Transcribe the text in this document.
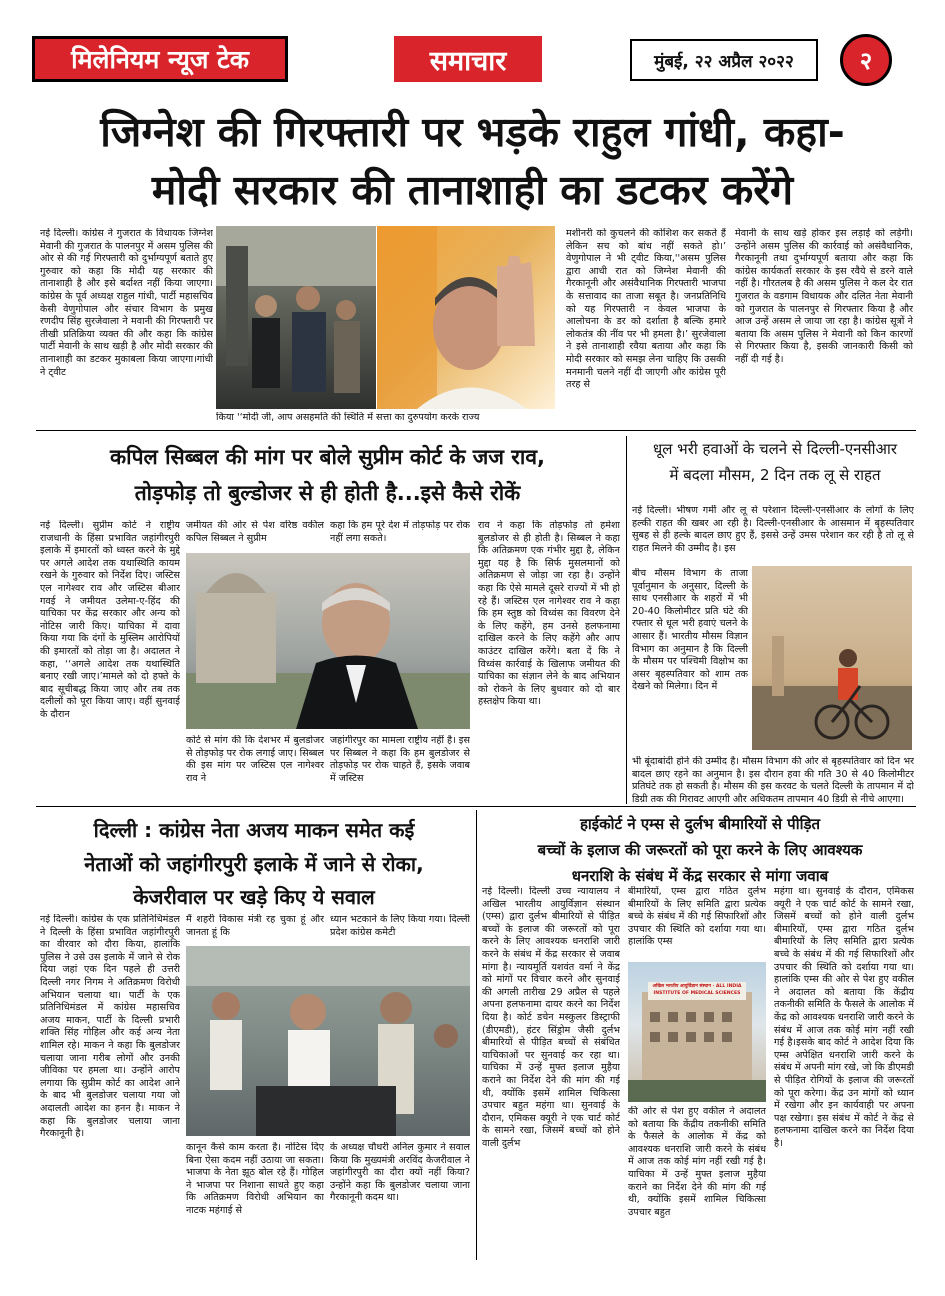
मिलेनियम न्यूज टेक	समाचार	मुंबई, २२ अप्रैल २०२२	२
जिग्नेश की गिरफ्तारी पर भड़के राहुल गांधी, कहा-
मोदी सरकार की तानाशाही का डटकर करेंगे
नई दिल्ली। कांग्रेस ने गुजरात के विधायक जिग्नेश मेवानी की गुजरात के पालनपुर में असम पुलिस की ओर से की गई गिरफ्तारी को दुर्भाग्यपूर्ण बताते हुए गुरुवार को कहा कि मोदी यह सरकार की तानाशाही है और इसे बर्दाश्त नहीं किया जाएगा। कांग्रेस के पूर्व अध्यक्ष राहुल गांधी, पार्टी महासचिव केसी वेणुगोपाल और संचार विभाग के प्रमुख रणदीप सिंह सुरजेवाला ने मवानी की गिरफ्तारी पर तीखी प्रतिक्रिया व्यक्त की और कहा कि कांग्रेस पार्टी मेवानी के साथ खड़ी है और मोदी सरकार की तानाशाही का डटकर मुकाबला किया जाएगा।गांधी ने ट्वीट
किया '‘मोदी जी, आप असहमति की स्थिति में सत्ता का दुरुपयोग करके राज्य
मशीनरी को कुचलने की कोशिश कर सकते हैं लेकिन सच को बांध नहीं सकते हो।’ वेणुगोपाल ने भी ट्वीट किया,''असम पुलिस द्वारा आधी रात को जिग्नेश मेवानी की गैरकानूनी और असंवैधानिक गिरफ्तारी भाजपा के सत्तावाद का ताजा सबूत है। जनप्रतिनिधि को यह गिरफ्तारी न केवल भाजपा के आलोचना के डर को दर्शाता है बल्कि हमारे लोकतंत्र की नींव पर भी हमला है।’ सुरजेवाला ने इसे तानाशाही रवैया बताया और कहा कि मोदी सरकार को समझ लेना चाहिए कि उसकी मनमानी चलने नहीं दी जाएगी और कांग्रेस पूरी तरह से
मेवानी के साथ खड़े होकर इस लड़ाई को लड़ेगी। उन्होंने असम पुलिस की कार्रवाई को असंवैधानिक, गैरकानूनी तथा दुर्भाग्यपूर्ण बताया और कहा कि कांग्रेस कार्यकर्ता सरकार के इस रवैये से डरने वाले नहीं है। गौरतलब है की असम पुलिस ने कल देर रात गुजरात के वडगाम विधायक और दलित नेता मेवानी को गुजरात के पालनपुर से गिरफ्तार किया है और आज उन्हें असम ले जाया जा रहा है। कांग्रेस सूत्रों ने बताया कि असम पुलिस ने मेवानी को किन कारणों से गिरफ्तार किया है, इसकी जानकारी किसी को नहीं दी गई है।
कपिल सिब्बल की मांग पर बोले सुप्रीम कोर्ट के जज राव,
तोड़फोड़ तो बुल्डोजर से ही होती है...इसे कैसे रोकें
नई दिल्ली। सुप्रीम कोर्ट ने राष्ट्रीय राजधानी के हिंसा प्रभावित जहांगीरपुरी इलाके में इमारतों को ध्वस्त करने के मुद्दे पर अगले आदेश तक यथास्थिति कायम रखने के गुरुवार को निर्देश दिए। जस्टिस एल नागेश्वर राव और जस्टिस बीआर गवई ने जमीयत उलेमा-ए-हिंद की याचिका पर केंद्र सरकार और अन्य को नोटिस जारी किए। याचिका में दावा किया गया कि दंगों के मुस्लिम आरोपियों की इमारतों को तोड़ा जा है। अदालत ने कहा, ‘‘अगले आदेश तक यथास्थिति बनाए रखी जाए।’मामले को दो हफ्ते के बाद सूचीबद्ध किया जाए और तब तक दलीलों को पूरा किया जाए। वहीं सुनवाई के दौरान
जमीयत की ओर से पेश वरिष्ठ वकील कपिल सिब्बल ने सुप्रीम
कहा कि हम पूरे देश में तोड़फोड़ पर रोक नहीं लगा सकते।
कोर्ट से मांग की कि देशभर में बुलडोजर से तोड़फोड़ पर रोक लगाई जाए। सिब्बल की इस मांग पर जस्टिस एल नागेश्वर राव ने
जहांगीरपुर का मामला राष्ट्रीय नहीं है। इस पर सिब्बल ने कहा कि हम बुलडोजर से तोड़फोड़ पर रोक चाहते हैं, इसके जवाब में जस्टिस
राव ने कहा कि तोड़फोड़ तो हमेशा बुलडोजर से ही होती है। सिब्बल ने कहा कि अतिक्रमण एक गंभीर मुद्दा है, लेकिन मुद्दा यह है कि सिर्फ मुसलमानों को अतिक्रमण से जोड़ा जा रहा है। उन्होंने कहा कि ऐसे मामले दूसरे राज्यों में भी हो रहे हैं। जस्टिस एल नागेश्वर राव ने कहा कि हम स्तुष्ठ को विध्वंस का विवरण देने के लिए कहेंगे, हम उनसे हलफनामा दाखिल करने के लिए कहेंगे और आप काउंटर दाखिल करेंगे। बता दें कि ने विध्वंस कार्रवाई के खिलाफ जमीयत की याचिका का संज्ञान लेने के बाद अभियान को रोकने के लिए बुधवार को दो बार हस्तक्षेप किया था।
धूल भरी हवाओं के चलने से दिल्ली-एनसीआर
में बदला मौसम, 2 दिन तक लू से राहत
नई दिल्ली। भीषण गर्मी और लू से परेशान दिल्ली-एनसीआर के लोगों के लिए हल्की राहत की खबर आ रही है। दिल्ली-एनसीआर के आसमान में बृहस्पतिवार सुबह से ही हल्के बादल छाए हुए हैं, इससे उन्हें उमस परेशान कर रही है तो लू से राहत मिलने की उम्मीद है। इस
बीच मौसम विभाग के ताजा पूर्वानुमान के अनुसार, दिल्ली के साथ एनसीआर के शहरों में भी 20-40 किलोमीटर प्रति घंटे की रफ्तार से धूल भरी हवाएं चलने के आसार हैं। भारतीय मौसम विज्ञान विभाग का अनुमान है कि दिल्ली के मौसम पर पश्चिमी विक्षोभ का असर बृहस्पतिवार को शाम तक देखने को मिलेगा। दिन में
भी बूंदाबांदी होने की उम्मीद है। मौसम विभाग की ओर से बृहस्पतिवार को दिन भर बादल छाए रहने का अनुमान है। इस दौरान हवा की गति 30 से 40 किलोमीटर प्रतिघंटे तक हो सकती है। मौसम की इस करवट के चलते दिल्ली के तापमान में दो डिग्री तक की गिरावट आएगी और अधिकतम तापमान 40 डिग्री से नीचे आएगा।
दिल्ली : कांग्रेस नेता अजय माकन समेत कई
नेताओं को जहांगीरपुरी इलाके में जाने से रोका,
केजरीवाल पर खड़े किए ये सवाल
नई दिल्ली। कांग्रेस के एक प्रतिनिधिमंडल ने दिल्ली के हिंसा प्रभावित जहांगीरपुरी का वीरवार को दौरा किया, हालांकि पुलिस ने उसे उस इलाके में जाने से रोक दिया जहां एक दिन पहले ही उत्तरी दिल्ली नगर निगम ने अतिक्रमण विरोधी अभियान चलाया था। पार्टी के एक प्रतिनिधिमंडल में कांग्रेस महासचिव अजय माकन, पार्टी के दिल्ली प्रभारी शक्ति सिंह गोहिल और कई अन्य नेता शामिल रहे। माकन ने कहा कि बुलडोजर चलाया जाना गरीब लोगों और उनकी जीविका पर हमला था। उन्होंने आरोप लगाया कि सुप्रीम कोर्ट का आदेश आने के बाद भी बुलडोजर चलाया गया जो अदालती आदेश का हनन है। माकन ने कहा कि बुलडोजर चलाया जाना गैरकानूनी है।
मैं शहरी विकास मंत्री रह चुका हूं और जानता हूं कि
ध्यान भटकाने के लिए किया गया। दिल्ली प्रदेश कांग्रेस कमेटी
कानून कैसे काम करता है। नोटिस दिए बिना ऐसा कदम नहीं उठाया जा सकता। भाजपा के नेता झूठ बोल रहे हैं। गोहिल ने भाजपा पर निशाना साधते हुए कहा कि अतिक्रमण विरोधी अभियान का नाटक महंगाई से
के अध्यक्ष चौधरी अनिल कुमार ने सवाल किया कि मुख्यमंत्री अरविंद केजरीवाल ने जहांगीरपुरी का दौरा क्यों नहीं किया? उन्होंने कहा कि बुलडोजर चलाया जाना गैरकानूनी कदम था।
हाईकोर्ट ने एम्स से दुर्लभ बीमारियों से पीड़ित
बच्चों के इलाज की जरूरतों को पूरा करने के लिए आवश्यक
धनराशि के संबंध में केंद्र सरकार से मांगा जवाब
नई दिल्ली। दिल्ली उच्च न्यायालय ने अखिल भारतीय आयुर्विज्ञान संस्थान (एम्स) द्वारा दुर्लभ बीमारियों से पीड़ित बच्चों के इलाज की जरूरतों को पूरा करने के लिए आवश्यक धनराशि जारी करने के संबंध में केंद्र सरकार से जवाब मांगा है। न्यायमूर्ति यशवंत वर्मा ने केंद्र को मांगों पर विचार करने और सुनवाई की अगली तारीख 29 अप्रैल से पहले अपना हलफनामा दायर करने का निर्देश दिया है। कोर्ट डचेन मस्कुलर डिस्ट्राफी (डीएमडी), हंटर सिंड्रोम जैसी दुर्लभ बीमारियों से पीड़ित बच्चों से संबंधित याचिकाओं पर सुनवाई कर रहा था।याचिका में उन्हें मुफ्त इलाज मुहैया कराने का निर्देश देने की मांग की गई थी, क्योंकि इसमें शामिल चिकित्सा उपचार बहुत महंगा था। सुनवाई के दौरान, एमिकस क्यूरी ने एक चार्ट कोर्ट के सामने रखा, जिसमें बच्चों को होने वाली दुर्लभ
बीमारियों, एम्स द्वारा गठित दुर्लभ बीमारियों के लिए समिति द्वारा प्रत्येक बच्चे के संबंध में की गई सिफारिशों और उपचार की स्थिति को दर्शाया गया था। हालांकि एम्स
अखिल भारतीय आयुर्विज्ञान संस्थान · ALL INDIA INSTITUTE OF MEDICAL SCIENCES
की ओर से पेश हुए वकील ने अदालत को बताया कि केंद्रीय तकनीकी समिति के फैसले के आलोक में केंद्र को आवश्यक धनराशि जारी करने के संबंध में आज तक कोई मांग नहीं रखी गई है।याचिका में उन्हें मुफ्त इलाज मुहैया कराने का निर्देश देने की मांग की गई थी, क्योंकि इसमें शामिल चिकित्सा उपचार बहुत
महंगा था। सुनवाई के दौरान, एमिकस क्यूरी ने एक चार्ट कोर्ट के सामने रखा, जिसमें बच्चों को होने वाली दुर्लभ बीमारियों, एम्स द्वारा गठित दुर्लभ बीमारियों के लिए समिति द्वारा प्रत्येक बच्चे के संबंध में की गई सिफारिशों और उपचार की स्थिति को दर्शाया गया था। हालांकि एम्स की ओर से पेश हुए वकील ने अदालत को बताया कि केंद्रीय तकनीकी समिति के फैसले के आलोक में केंद्र को आवश्यक धनराशि जारी करने के संबंध में आज तक कोई मांग नहीं रखी गई है।इसके बाद कोर्ट ने आदेश दिया कि एम्स अपेक्षित धनराशि जारी करने के संबंध में अपनी मांग रखे, जो कि डीएमडी से पीड़ित रोगियों के इलाज की जरूरतों को पूरा करेगा। केंद्र उन मांगों को ध्यान में रखेगा और इन कार्यवाही पर अपना पक्ष रखेगा। इस संबंध में कोर्ट ने केंद्र से हलफनामा दाखिल करने का निर्देश दिया है।
